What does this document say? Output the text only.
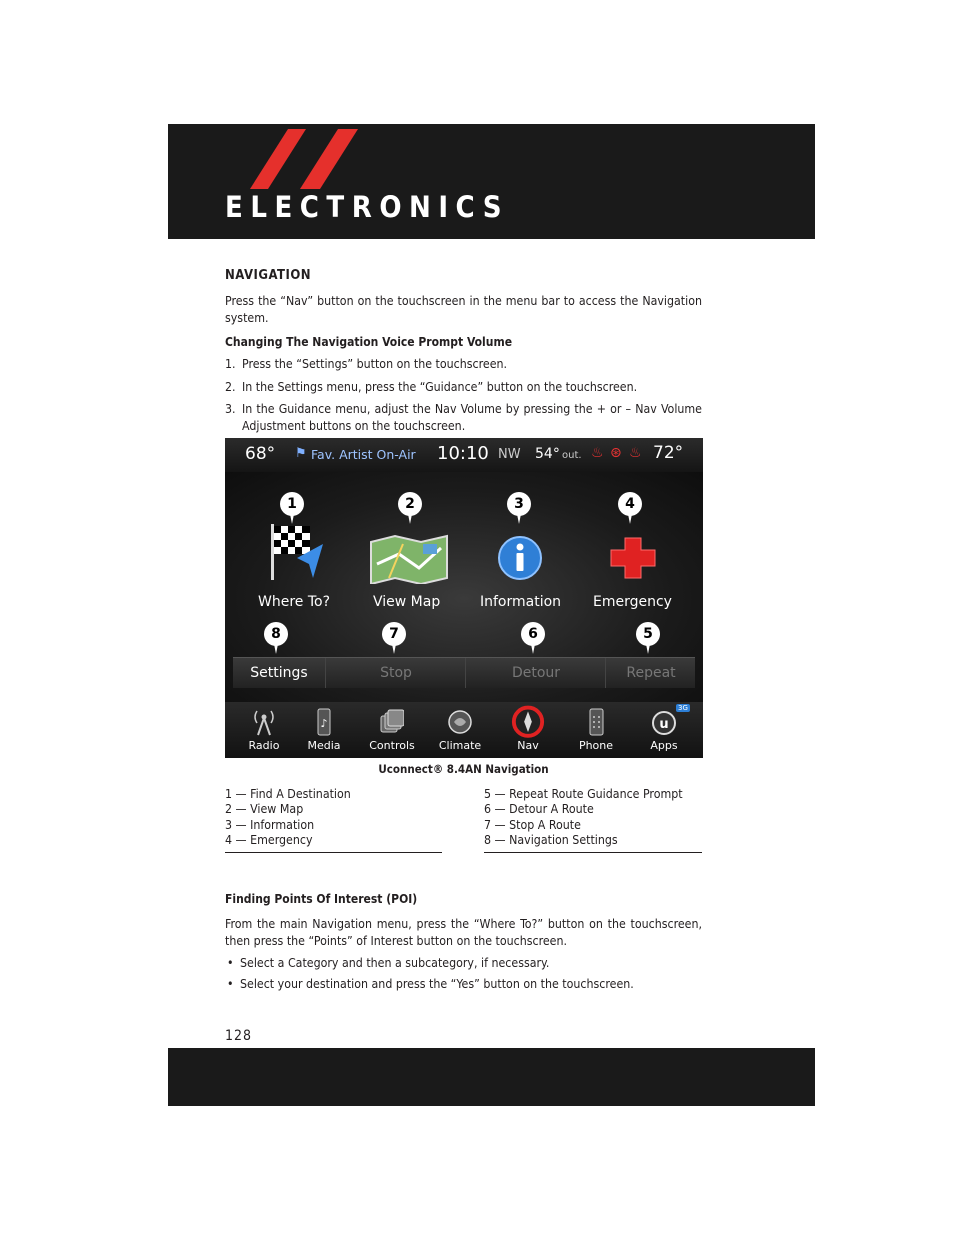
ELECTRONICS
NAVIGATION
Press the “Nav” button on the touchscreen in the menu bar to access the Navigation system.
Changing The Navigation Voice Prompt Volume
1. Press the “Settings” button on the touchscreen.
2. In the Settings menu, press the “Guidance” button on the touchscreen.
3. In the Guidance menu, adjust the Nav Volume by pressing the + or – Nav Volume Adjustment buttons on the touchscreen.
68° ⚑ Fav. Artist On-Air 10:10 NW 54° out. ♨ ⊛ ♨ 72°
1
Where To?
2
View Map
3
Information
4
Emergency
8	7	6	5
Settings	Stop	Detour	Repeat
Radio
♪
Media	Controls	Climate	Nav	Phone
u
3G
Apps
Uconnect® 8.4AN Navigation
1 — Find A Destination
2 — View Map
3 — Information
4 — Emergency
5 — Repeat Route Guidance Prompt
6 — Detour A Route
7 — Stop A Route
8 — Navigation Settings
Finding Points Of Interest (POI)
From the main Navigation menu, press the “Where To?” button on the touchscreen, then press the “Points” of Interest button on the touchscreen.
• Select a Category and then a subcategory, if necessary.
• Select your destination and press the “Yes” button on the touchscreen.
128
